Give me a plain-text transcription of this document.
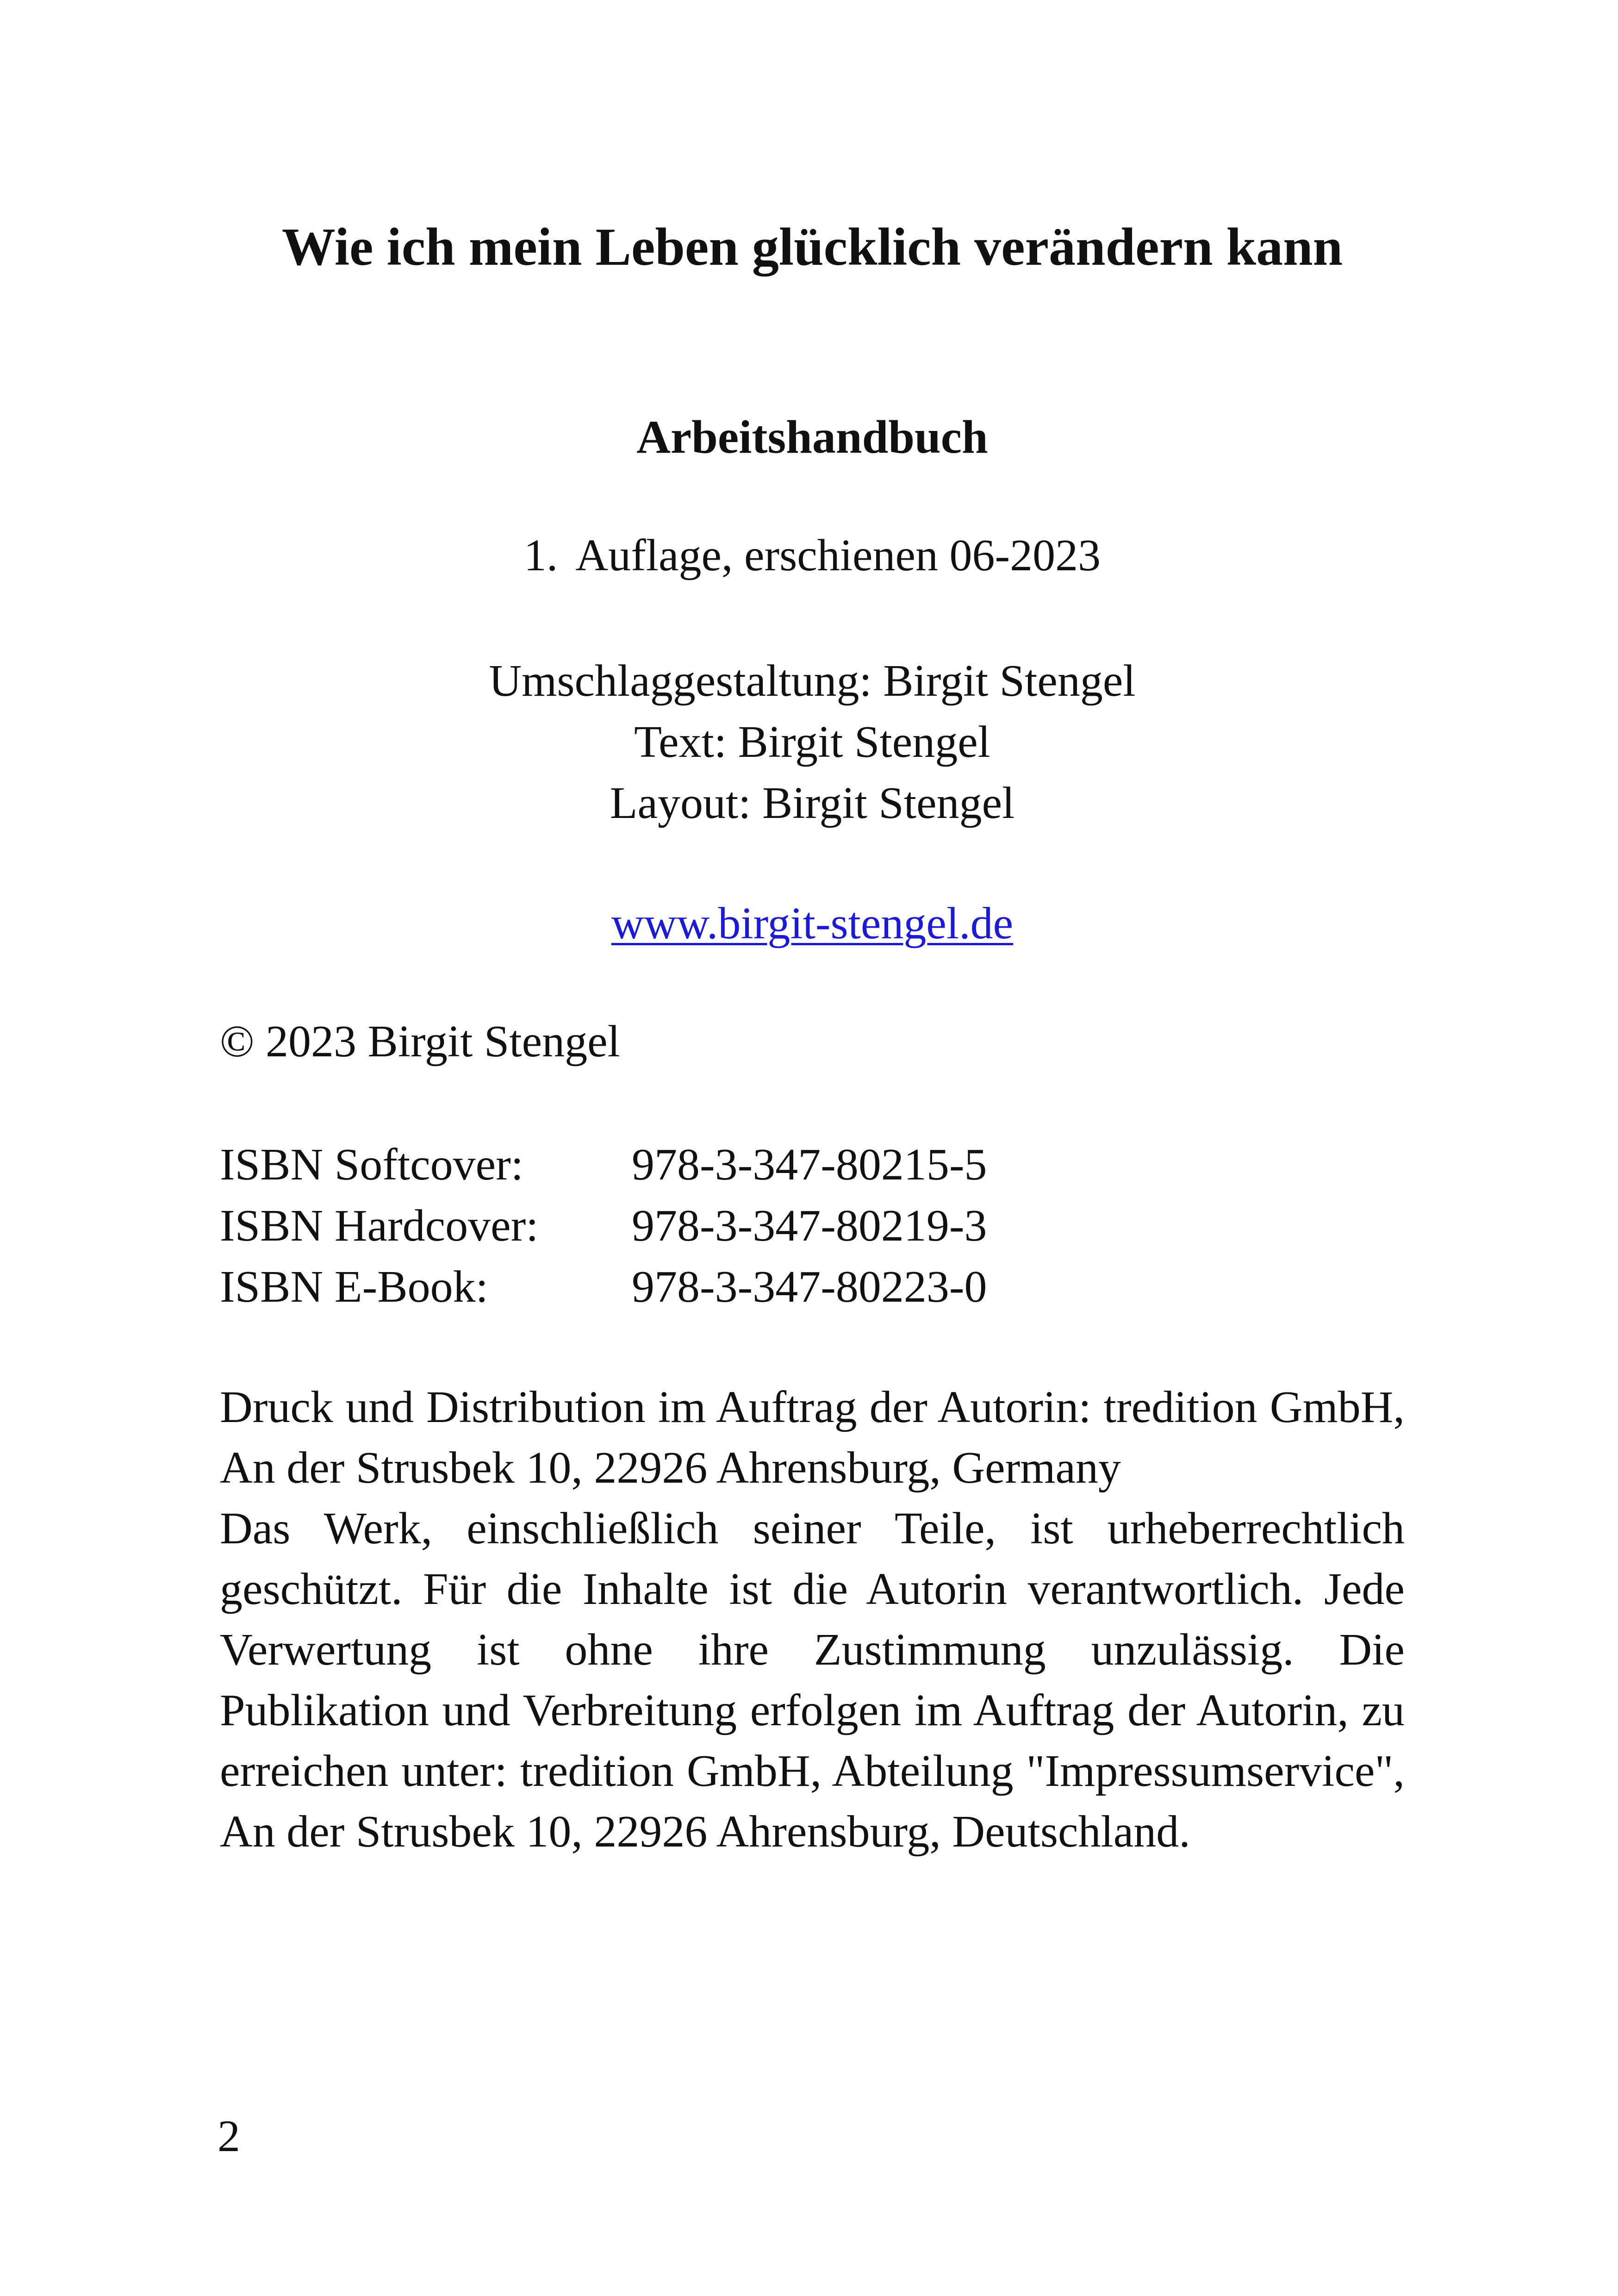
Wie ich mein Leben glücklich verändern kann
Arbeitshandbuch
1. Auflage, erschienen 06-2023
Umschlaggestaltung: Birgit Stengel
Text: Birgit Stengel
Layout: Birgit Stengel
www.birgit-stengel.de
© 2023 Birgit Stengel
ISBN Softcover:	978-3-347-80215-5
ISBN Hardcover:	978-3-347-80219-3
ISBN E-Book:	978-3-347-80223-0

Druck und Distribution im Auftrag der Autorin: tredition GmbH, An der Strusbek 10, 22926 Ahrensburg, Germany

Das Werk, einschließlich seiner Teile, ist urheberrechtlich geschützt. Für die Inhalte ist die Autorin verantwortlich. Jede Verwertung ist ohne ihre Zustimmung unzulässig. Die Publikation und Verbreitung erfolgen im Auftrag der Autorin, zu erreichen unter: tredition GmbH, Abteilung "Impressumservice", An der Strusbek 10, 22926 Ahrensburg, Deutschland.

2
